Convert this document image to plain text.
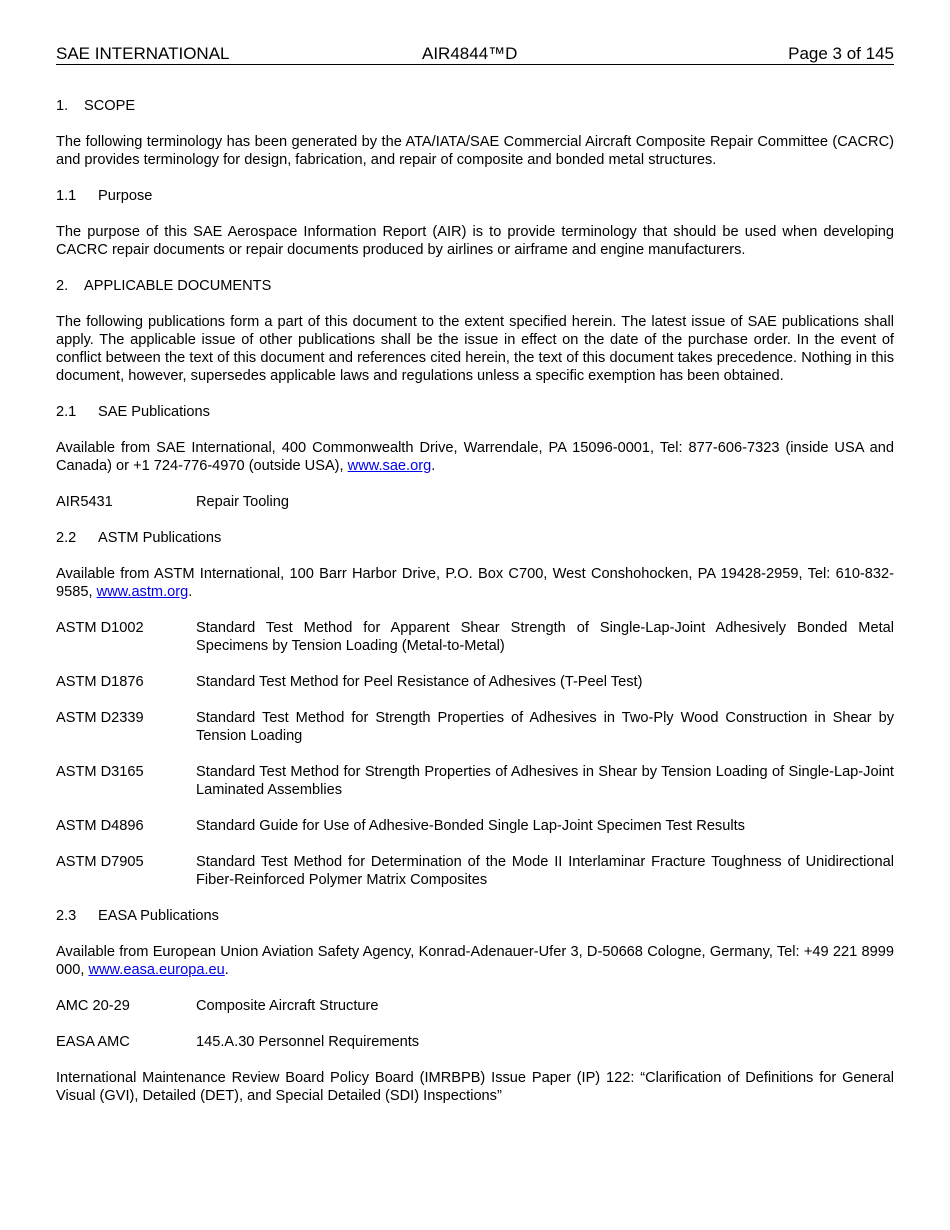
SAE INTERNATIONAL	AIR4844™D	Page 3 of 145
1. SCOPE

The following terminology has been generated by the ATA/IATA/SAE Commercial Aircraft Composite Repair Committee (CACRC) and provides terminology for design, fabrication, and repair of composite and bonded metal structures.

1.1 Purpose

The purpose of this SAE Aerospace Information Report (AIR) is to provide terminology that should be used when developing CACRC repair documents or repair documents produced by airlines or airframe and engine manufacturers.

2. APPLICABLE DOCUMENTS

The following publications form a part of this document to the extent specified herein. The latest issue of SAE publications shall apply. The applicable issue of other publications shall be the issue in effect on the date of the purchase order. In the event of conflict between the text of this document and references cited herein, the text of this document takes precedence. Nothing in this document, however, supersedes applicable laws and regulations unless a specific exemption has been obtained.

2.1 SAE Publications

Available from SAE International, 400 Commonwealth Drive, Warrendale, PA 15096-0001, Tel: 877-606-7323 (inside USA and Canada) or +1 724-776-4970 (outside USA), www.sae.org.

AIR5431	Repair Tooling
2.2 ASTM Publications

Available from ASTM International, 100 Barr Harbor Drive, P.O. Box C700, West Conshohocken, PA 19428-2959, Tel: 610-832-9585, www.astm.org.

ASTM D1002	Standard Test Method for Apparent Shear Strength of Single-Lap-Joint Adhesively Bonded Metal Specimens by Tension Loading (Metal-to-Metal)
ASTM D1876	Standard Test Method for Peel Resistance of Adhesives (T-Peel Test)
ASTM D2339	Standard Test Method for Strength Properties of Adhesives in Two-Ply Wood Construction in Shear by Tension Loading
ASTM D3165	Standard Test Method for Strength Properties of Adhesives in Shear by Tension Loading of Single-Lap-Joint Laminated Assemblies
ASTM D4896	Standard Guide for Use of Adhesive-Bonded Single Lap-Joint Specimen Test Results
ASTM D7905	Standard Test Method for Determination of the Mode II Interlaminar Fracture Toughness of Unidirectional Fiber-Reinforced Polymer Matrix Composites
2.3 EASA Publications

Available from European Union Aviation Safety Agency, Konrad-Adenauer-Ufer 3, D-50668 Cologne, Germany, Tel: +49 221 8999 000, www.easa.europa.eu.

AMC 20-29	Composite Aircraft Structure
EASA AMC	145.A.30 Personnel Requirements

International Maintenance Review Board Policy Board (IMRBPB) Issue Paper (IP) 122: “Clarification of Definitions for General Visual (GVI), Detailed (DET), and Special Detailed (SDI) Inspections”
